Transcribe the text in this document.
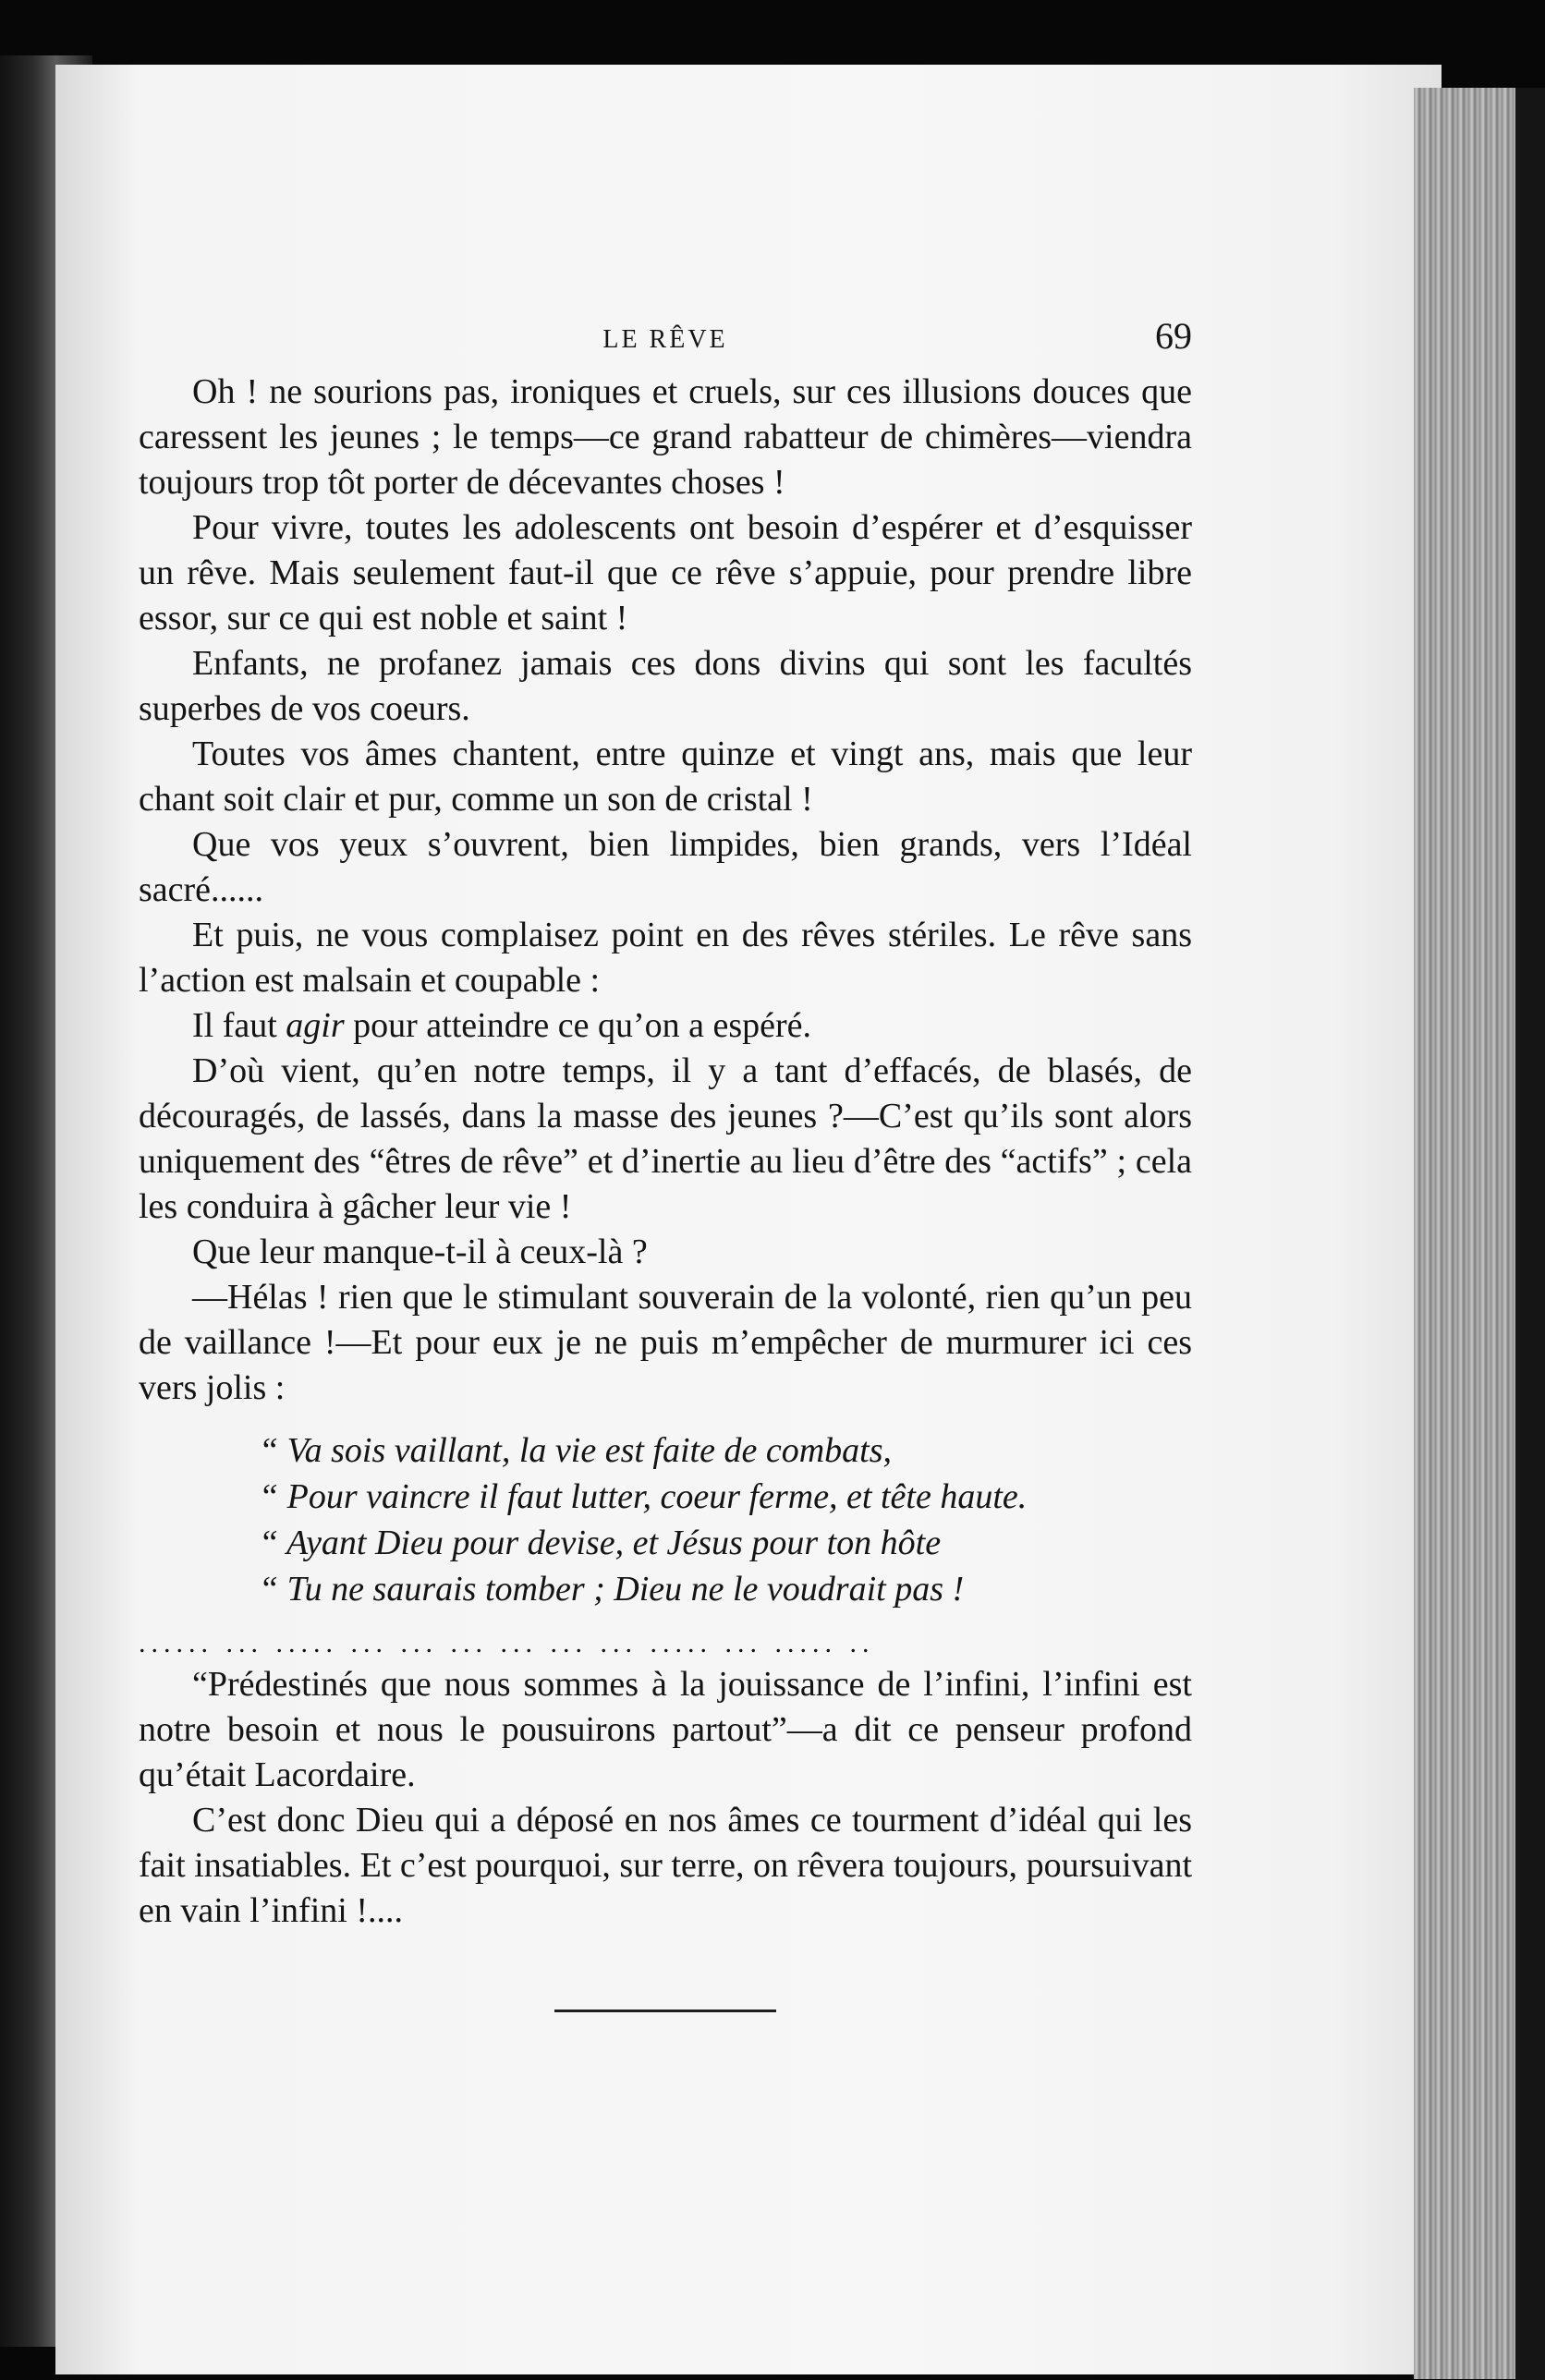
LE RÊVE	69

Oh ! ne sourions pas, ironiques et cruels, sur ces illusions douces que caressent les jeunes ; le temps—ce grand rabatteur de chimères—viendra toujours trop tôt porter de décevantes choses !

Pour vivre, toutes les adolescents ont besoin d’espérer et d’esquisser un rêve. Mais seulement faut-il que ce rêve s’appuie, pour prendre libre essor, sur ce qui est noble et saint !

Enfants, ne profanez jamais ces dons divins qui sont les facultés superbes de vos coeurs.

Toutes vos âmes chantent, entre quinze et vingt ans, mais que leur chant soit clair et pur, comme un son de cristal !

Que vos yeux s’ouvrent, bien limpides, bien grands, vers l’Idéal sacré......

Et puis, ne vous complaisez point en des rêves stériles. Le rêve sans l’action est malsain et coupable :

Il faut agir pour atteindre ce qu’on a espéré.

D’où vient, qu’en notre temps, il y a tant d’effacés, de blasés, de découragés, de lassés, dans la masse des jeunes ?—C’est qu’ils sont alors uniquement des “êtres de rêve” et d’inertie au lieu d’être des “actifs” ; cela les conduira à gâcher leur vie !

Que leur manque-t-il à ceux-là ?

—Hélas ! rien que le stimulant souverain de la volonté, rien qu’un peu de vaillance !—Et pour eux je ne puis m’empêcher de murmurer ici ces vers jolis :

“ Va sois vaillant, la vie est faite de combats,
“ Pour vaincre il faut lutter, coeur ferme, et tête haute.
“ Ayant Dieu pour devise, et Jésus pour ton hôte
“ Tu ne saurais tomber ; Dieu ne le voudrait pas !
...... ... ..... ... ... ... ... ... ... ..... ... ..... ..

“Prédestinés que nous sommes à la jouissance de l’infini, l’infini est notre besoin et nous le pousuirons partout”—a dit ce penseur profond qu’était Lacordaire.

C’est donc Dieu qui a déposé en nos âmes ce tourment d’idéal qui les fait insatiables. Et c’est pourquoi, sur terre, on rêvera toujours, poursuivant en vain l’infini !....
